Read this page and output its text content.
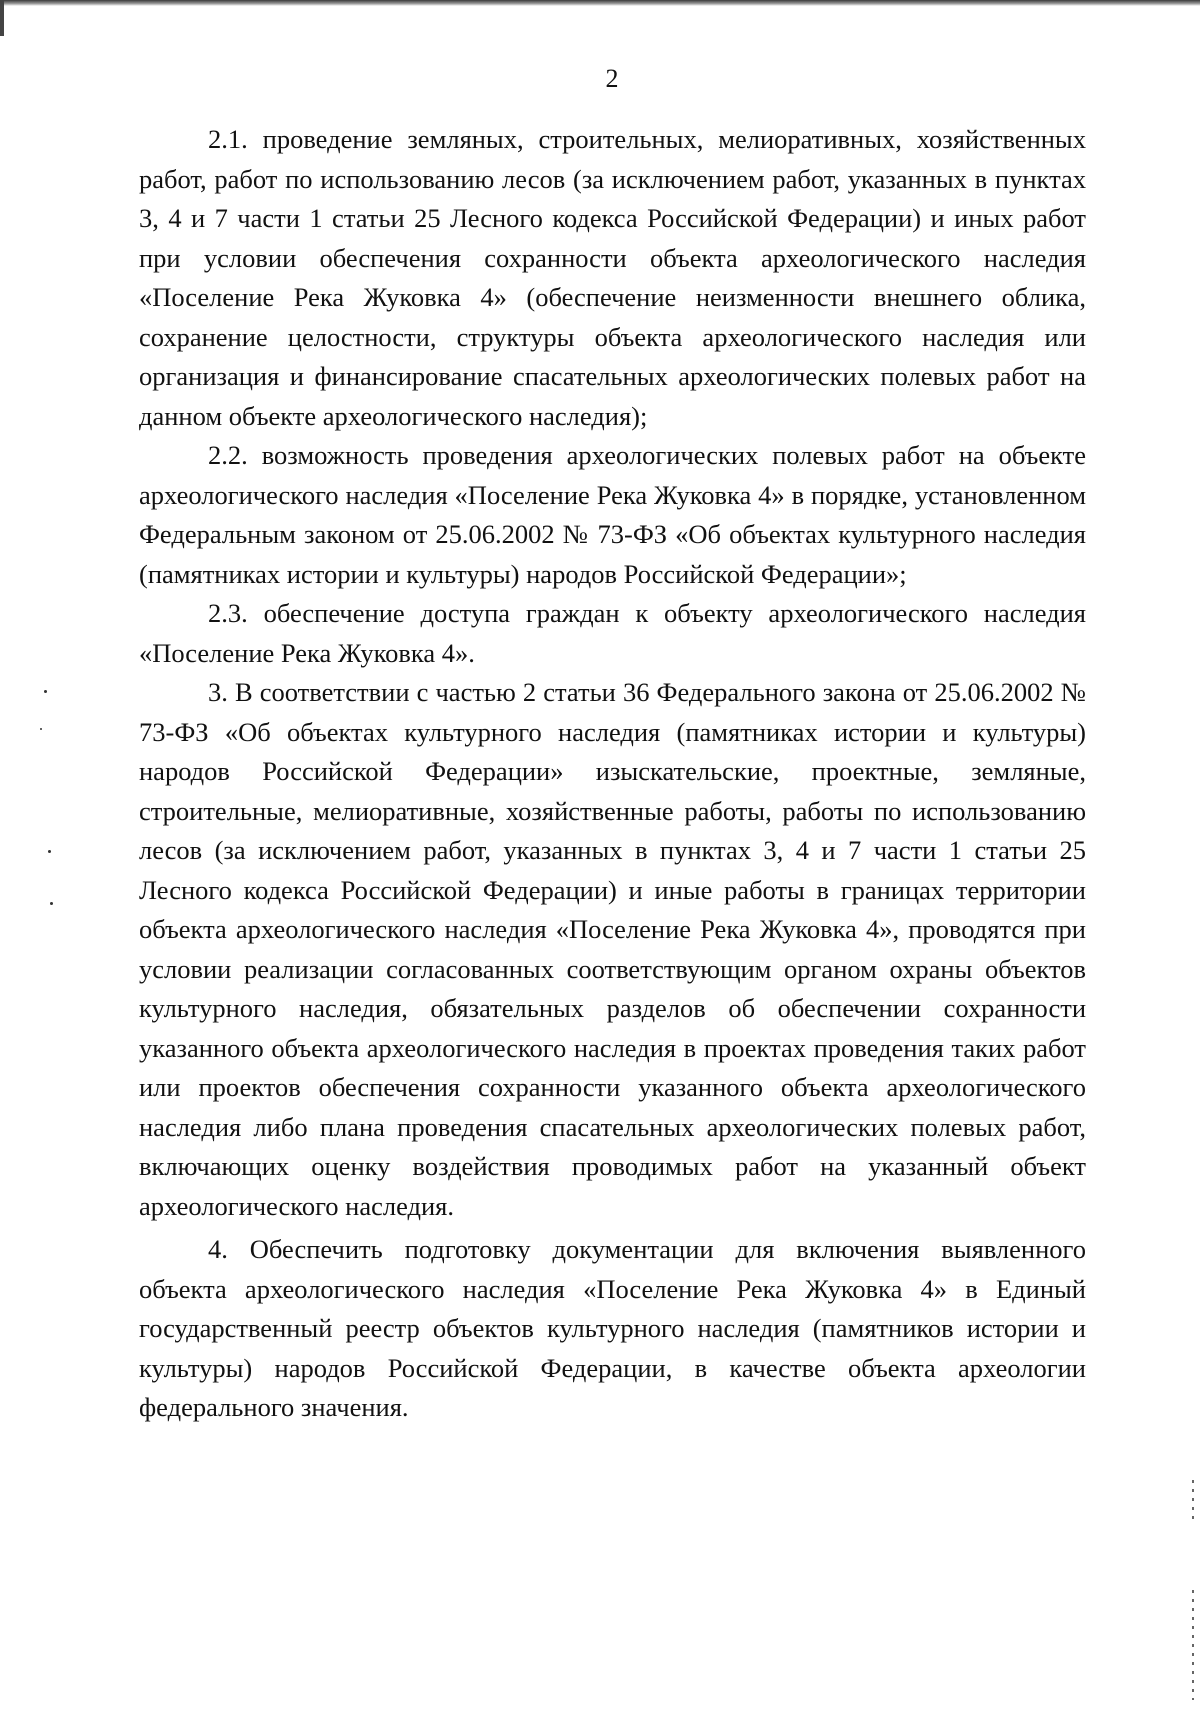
2

2.1. проведение земляных, строительных, мелиоративных, хозяйственных работ, работ по использованию лесов (за исключением работ, указанных в пунктах 3, 4 и 7 части 1 статьи 25 Лесного кодекса Российской Федерации) и иных работ при условии обеспечения сохранности объекта археологического наследия «Поселение Река Жуковка 4» (обеспечение неизменности внешнего облика, сохранение целостности, структуры объекта археологического наследия или организация и финансирование спасательных археологических полевых работ на данном объекте археологического наследия);

2.2. возможность проведения археологических полевых работ на объекте археологического наследия «Поселение Река Жуковка 4» в порядке, установленном Федеральным законом от 25.06.2002 № 73-ФЗ «Об объектах культурного наследия (памятниках истории и культуры) народов Российской Федерации»;

2.3. обеспечение доступа граждан к объекту археологического наследия «Поселение Река Жуковка 4».

3. В соответствии с частью 2 статьи 36 Федерального закона от 25.06.2002 № 73-ФЗ «Об объектах культурного наследия (памятниках истории и культуры) народов Российской Федерации» изыскательские, проектные, земляные, строительные, мелиоративные, хозяйственные работы, работы по использованию лесов (за исключением работ, указанных в пунктах 3, 4 и 7 части 1 статьи 25 Лесного кодекса Российской Федерации) и иные работы в границах территории объекта археологического наследия «Поселение Река Жуковка 4», проводятся при условии реализации согласованных соответствующим органом охраны объектов культурного наследия, обязательных разделов об обеспечении сохранности указанного объекта археологического наследия в проектах проведения таких работ или проектов обеспечения сохранности указанного объекта археологического наследия либо плана проведения спасательных археологических полевых работ, включающих оценку воздействия проводимых работ на указанный объект археологического наследия.

4. Обеспечить подготовку документации для включения выявленного объекта археологического наследия «Поселение Река Жуковка 4» в Единый государственный реестр объектов культурного наследия (памятников истории и культуры) народов Российской Федерации, в качестве объекта археологии федерального значения.
